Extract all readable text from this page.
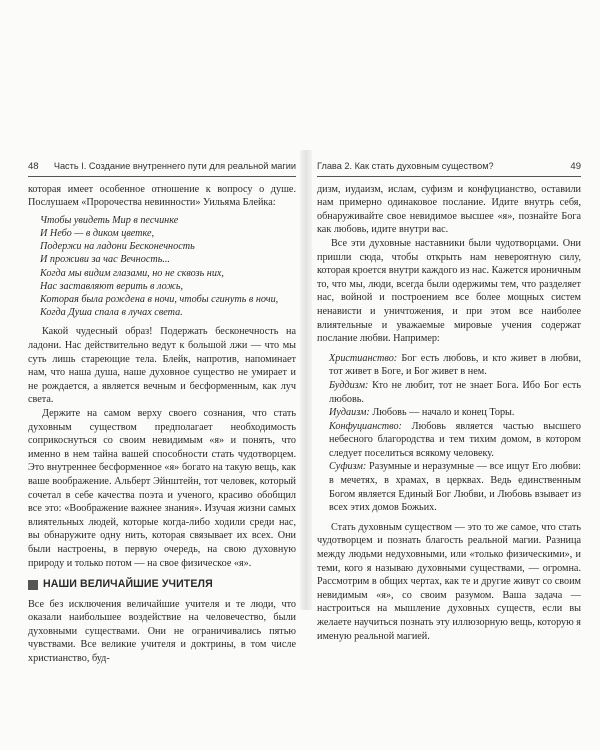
48 Часть I. Создание внутреннего пути для реальной магии

которая имеет особенное отношение к вопросу о душе. Послушаем «Пророчества невинности» Уильяма Блейка:

Чтобы увидеть Мир в песчинке
И Небо — в диком цветке,
Подержи на ладони Бесконечность
И проживи за час Вечность...
Когда мы видим глазами, но не сквозь них,
Нас заставляют верить в ложь,
Которая была рождена в ночи, чтобы сгинуть в ночи,
Когда Душа спала в лучах света.

Какой чудесный образ! Подержать бесконечность на ладони. Нас действительно ведут к большой лжи — что мы суть лишь стареющие тела. Блейк, напротив, напоминает нам, что наша душа, наше духовное существо не умирает и не рождается, а является вечным и бесформенным, как луч света.

Держите на самом верху своего сознания, что стать духовным существом предполагает необходимость соприкоснуться со своим невидимым «я» и понять, что именно в нем тайна вашей способности стать чудотворцем. Это внутреннее бесформенное «я» богато на такую вещь, как ваше воображение. Альберт Эйнштейн, тот человек, который сочетал в себе качества поэта и ученого, красиво обобщил все это: «Воображение важнее знания». Изучая жизни самых влиятельных людей, которые когда-либо ходили среди нас, вы обнаружите одну нить, которая связывает их всех. Они были настроены, в первую очередь, на свою духовную природу и только потом — на свое физическое «я».

НАШИ ВЕЛИЧАЙШИЕ УЧИТЕЛЯ

Все без исключения величайшие учителя и те люди, что оказали наибольшее воздействие на человечество, были духовными существами. Они не ограничивались пятью чувствами. Все великие учителя и доктрины, в том числе христианство, буд-

Глава 2. Как стать духовным существом?	49

дизм, иудаизм, ислам, суфизм и конфуцианство, оставили нам примерно одинаковое послание. Идите внутрь себя, обнаруживайте свое невидимое высшее «я», познайте Бога как любовь, идите внутри вас.

Все эти духовные наставники были чудотворцами. Они пришли сюда, чтобы открыть нам невероятную силу, которая кроется внутри каждого из нас. Кажется ироничным то, что мы, люди, всегда были одержимы тем, что разделяет нас, войной и построением все более мощных систем ненависти и уничтожения, и при этом все наиболее влиятельные и уважаемые мировые учения содержат послание любви. Например:

Христианство: Бог есть любовь, и кто живет в любви, тот живет в Боге, и Бог живет в нем.

Буддизм: Кто не любит, тот не знает Бога. Ибо Бог есть любовь.

Иудаизм: Любовь — начало и конец Торы.

Конфуцианство: Любовь является частью высшего небесного благородства и тем тихим домом, в котором следует поселиться всякому человеку.

Суфизм: Разумные и неразумные — все ищут Его любви: в мечетях, в храмах, в церквах. Ведь единственным Богом является Единый Бог Любви, и Любовь взывает из всех этих домов Божьих.

Стать духовным существом — это то же самое, что стать чудотворцем и познать благость реальной магии. Разница между людьми недуховными, или «только физическими», и теми, кого я называю духовными существами, — огромна. Рассмотрим в общих чертах, как те и другие живут со своим невидимым «я», со своим разумом. Ваша задача — настроиться на мышление духовных существ, если вы желаете научиться познать эту иллюзорную вещь, которую я именую реальной магией.
